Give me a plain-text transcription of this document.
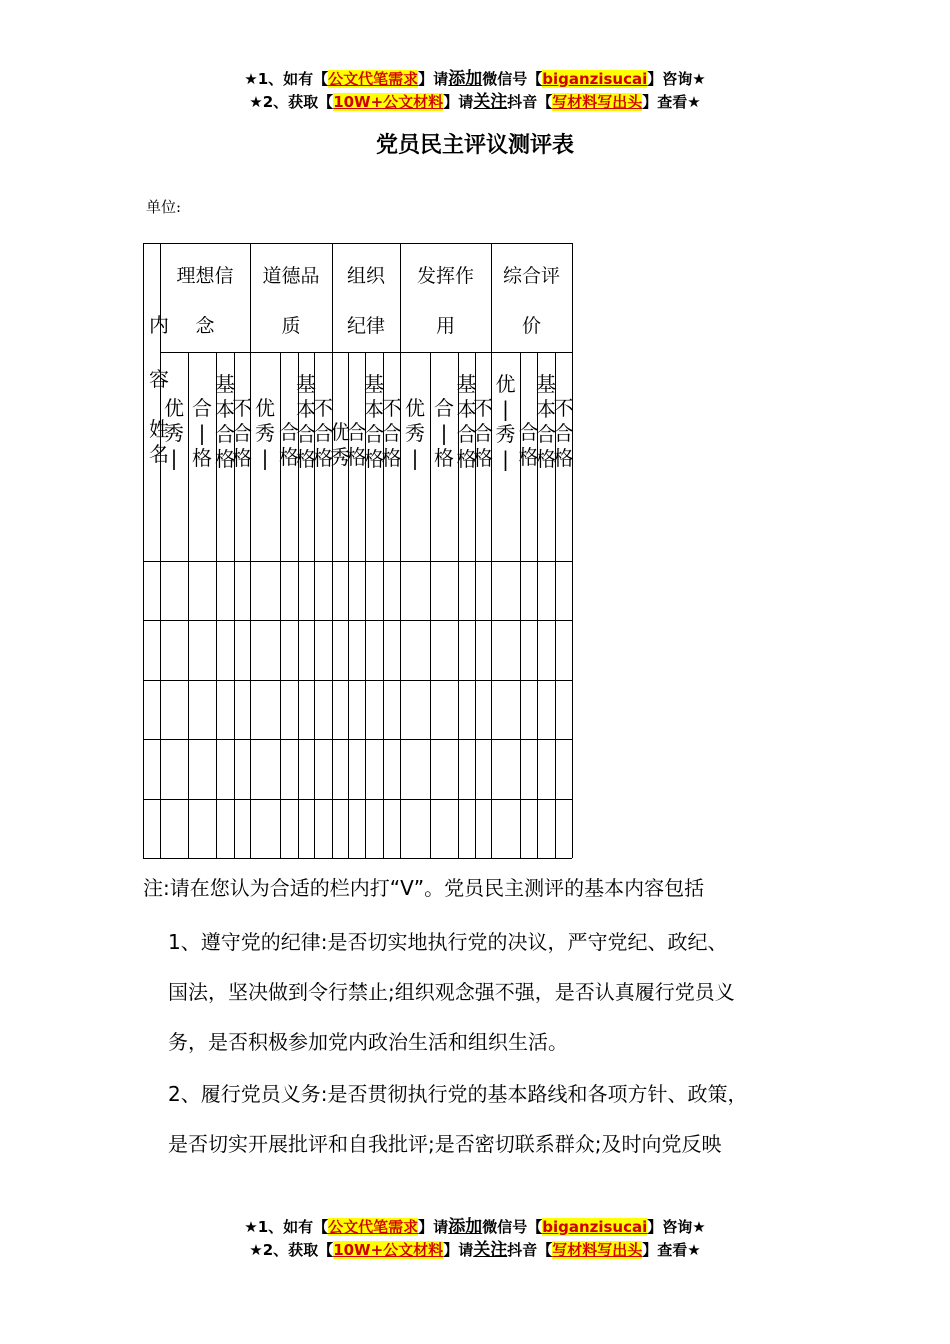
★1、如有【公文代笔需求】请添加微信号【biganzisucai】咨询★
★2、获取【10W+公文材料】请关注抖音【写材料写出头】查看★
党员民主评议测评表
单位:
内
容
姓
名
理想信
念
道德品
质
组织
纪律
发挥作
用
综合评
价
优
秀
|
合
|
格
基
本
合
格
不
合
格
优
秀
|
合
格
基
本
合
格
不
合
格
优
秀
合
格
基
本
合
格
不
合
格
优
秀
|
合
|
格
基
本
合
格
不
合
格
优
|
秀
|
合
格
基
本
合
格
不
合
格
注:请在您认为合适的栏内打“V”。党员民主测评的基本内容包括
1、遵守党的纪律:是否切实地执行党的决议，严守党纪、政纪、
国法，坚决做到令行禁止;组织观念强不强，是否认真履行党员义
务，是否积极参加党内政治生活和组织生活。
2、履行党员义务:是否贯彻执行党的基本路线和各项方针、政策，
是否切实开展批评和自我批评;是否密切联系群众;及时向党反映
★1、如有【公文代笔需求】请添加微信号【biganzisucai】咨询★
★2、获取【10W+公文材料】请关注抖音【写材料写出头】查看★
